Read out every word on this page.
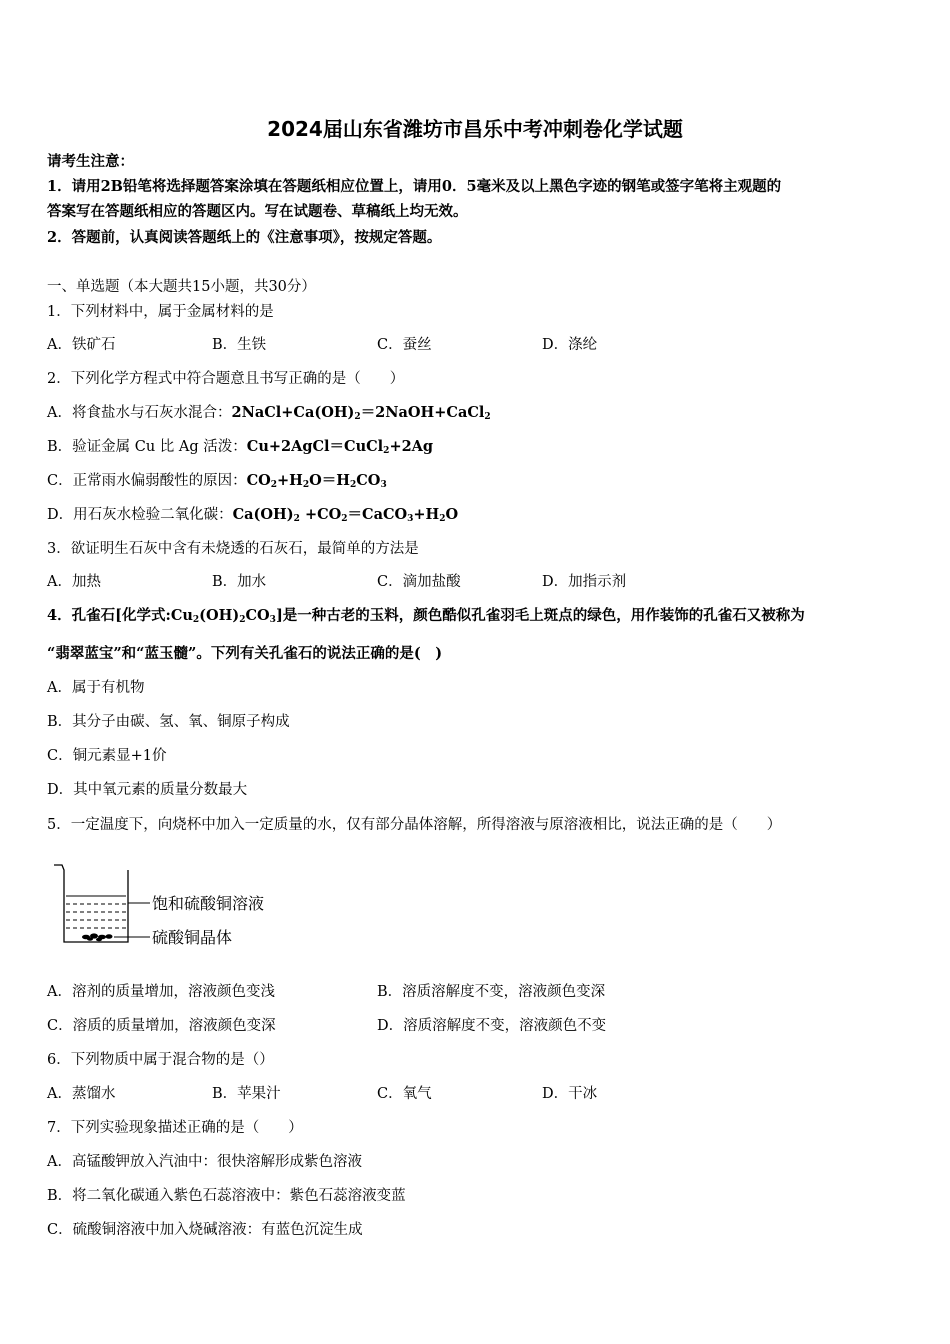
2024届山东省潍坊市昌乐中考冲刺卷化学试题
请考生注意：
1．请用2B铅笔将选择题答案涂填在答题纸相应位置上，请用0．5毫米及以上黑色字迹的钢笔或签字笔将主观题的
答案写在答题纸相应的答题区内。写在试题卷、草稿纸上均无效。
2．答题前，认真阅读答题纸上的《注意事项》，按规定答题。
一、单选题（本大题共15小题，共30分）
1．下列材料中，属于金属材料的是
A．铁矿石	B．生铁	C．蚕丝	D．涤纶
2．下列化学方程式中符合题意且书写正确的是（　　）
A．将食盐水与石灰水混合：$2NaCl+Ca(OH)_2=2NaOH+CaCl_2$
B．验证金属 Cu 比 Ag 活泼：Cu+2AgCl＝CuCl$_2$+2Ag
C．正常雨水偏弱酸性的原因：$CO_2+H_2O=H_2CO_3$
D．用石灰水检验二氧化碳：$Ca(OH)_2$ $+CO_2=CaCO_3+H_2O$
3．欲证明生石灰中含有未烧透的石灰石，最简单的方法是
A．加热	B．加水	C．滴加盐酸	D．加指示剂
4．孔雀石[化学式$:Cu_2(OH)_2CO_3$]是一种古老的玉料，颜色酷似孔雀羽毛上斑点的绿色，用作装饰的孔雀石又被称为
“翡翠蓝宝”和“蓝玉髓”。下列有关孔雀石的说法正确的是(　)
A．属于有机物
B．其分子由碳、氢、氧、铜原子构成
C．铜元素显+1价
D．其中氧元素的质量分数最大
5．一定温度下，向烧杯中加入一定质量的水，仅有部分晶体溶解，所得溶液与原溶液相比，说法正确的是（　　）
饱和硫酸铜溶液
硫酸铜晶体
A．溶剂的质量增加，溶液颜色变浅	B．溶质溶解度不变，溶液颜色变深
C．溶质的质量增加，溶液颜色变深	D．溶质溶解度不变，溶液颜色不变
6．下列物质中属于混合物的是（）
A．蒸馏水	B．苹果汁	C．氧气	D．干冰
7．下列实验现象描述正确的是（　　）
A．高锰酸钾放入汽油中：很快溶解形成紫色溶液
B．将二氧化碳通入紫色石蕊溶液中：紫色石蕊溶液变蓝
C．硫酸铜溶液中加入烧碱溶液：有蓝色沉淀生成
